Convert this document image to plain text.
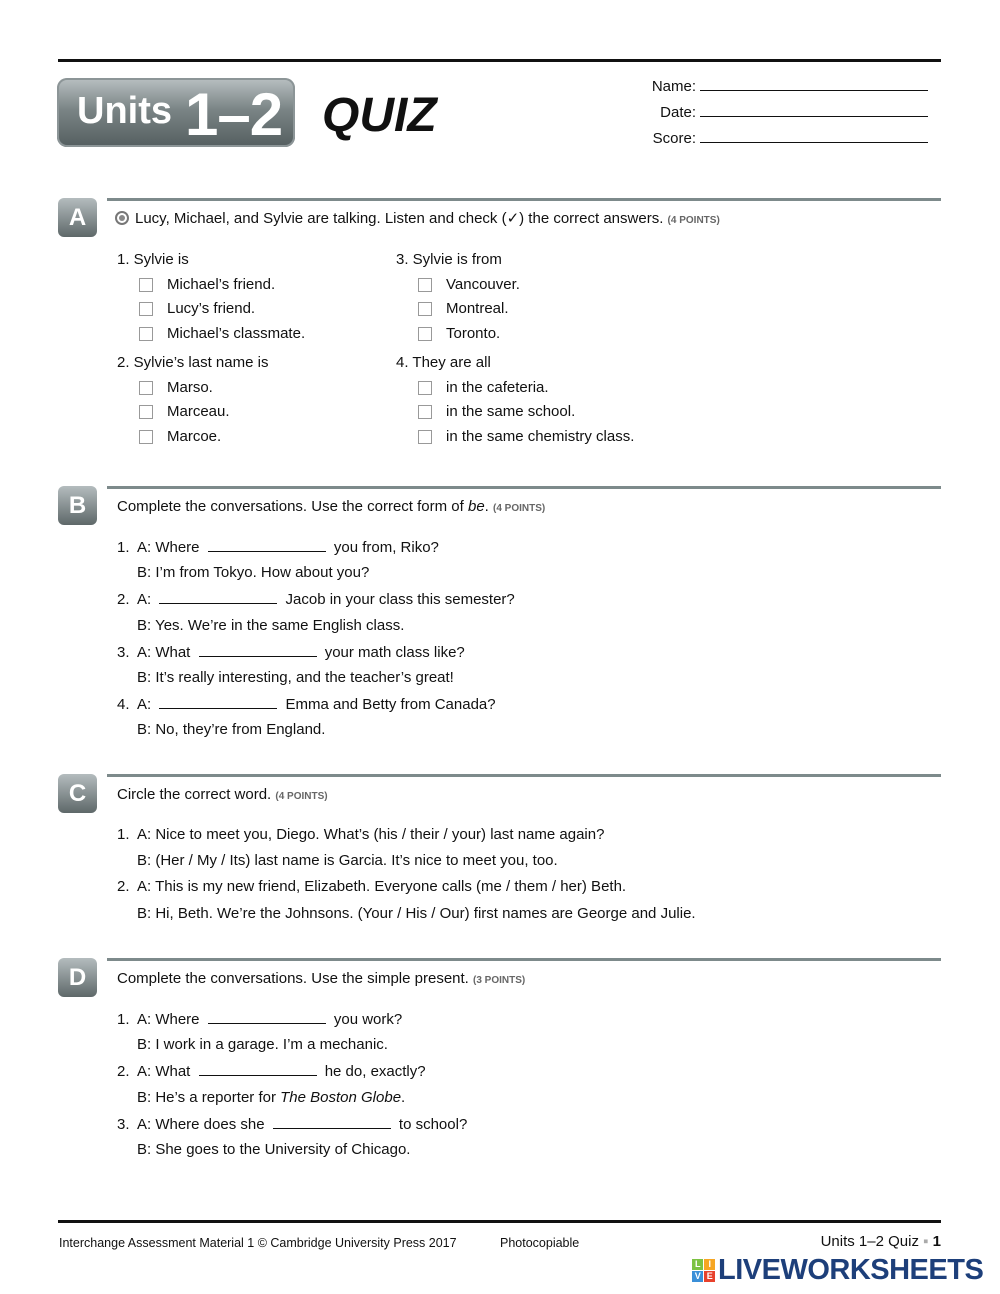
Units 1–2 QUIZ
Name:
Date:
Score:
A	Lucy, Michael, and Sylvie are talking. Listen and check (✓) the correct answers. (4 POINTS)
1. Sylvie is
Michael’s friend.
Lucy’s friend.
Michael’s classmate.
2. Sylvie’s last name is
Marso.
Marceau.
Marcoe.
3. Sylvie is from
Vancouver.
Montreal.
Toronto.
4. They are all
in the cafeteria.
in the same school.
in the same chemistry class.
B	Complete the conversations. Use the correct form of be. (4 POINTS)
1. A: Where	you from, Riko?
B: I’m from Tokyo. How about you?
2. A:	Jacob in your class this semester?
B: Yes. We’re in the same English class.
3. A: What	your math class like?
B: It’s really interesting, and the teacher’s great!
4. A:	Emma and Betty from Canada?
B: No, they’re from England.
C	Circle the correct word. (4 POINTS)
1. A: Nice to meet you, Diego. What’s (his / their / your) last name again?
B: (Her / My / Its) last name is Garcia. It’s nice to meet you, too.
2. A: This is my new friend, Elizabeth. Everyone calls (me / them / her) Beth.
B: Hi, Beth. We’re the Johnsons. (Your / His / Our) first names are George and Julie.
D	Complete the conversations. Use the simple present. (3 POINTS)
1. A: Where	you work?
B: I work in a garage. I’m a mechanic.
2. A: What	he do, exactly?
B: He’s a reporter for The Boston Globe.
3. A: Where does she	to school?
B: She goes to the University of Chicago.
Interchange Assessment Material 1 © Cambridge University Press 2017	Photocopiable	Units 1–2 Quiz ▪ 1
L I
V E LIVEWORKSHEETS
